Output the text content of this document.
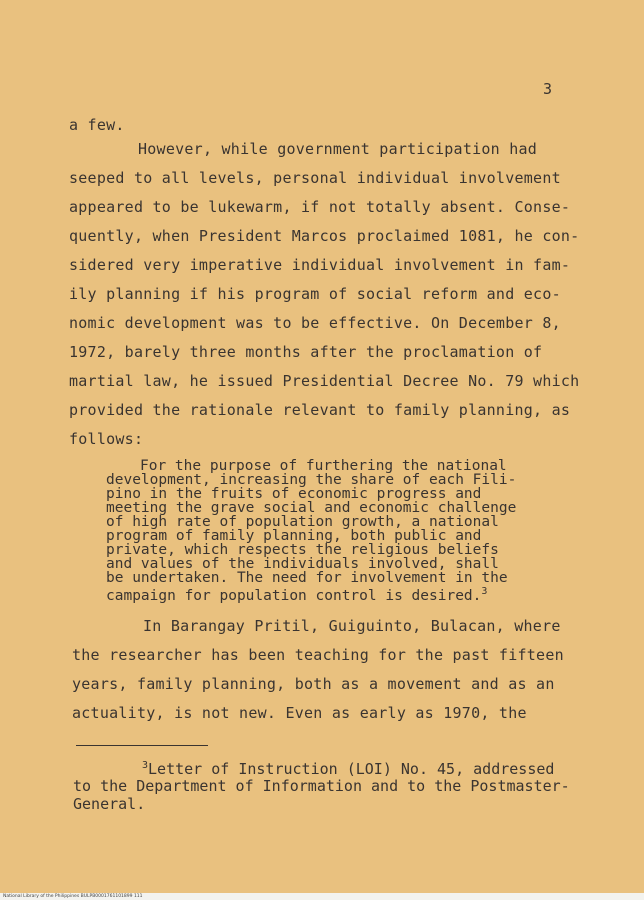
3
a few.
However, while government participation had
seeped to all levels, personal individual involvement
appeared to be lukewarm, if not totally absent. Conse-
quently, when President Marcos proclaimed 1081, he con-
sidered very imperative individual involvement in fam-
ily planning if his program of social reform and eco-
nomic development was to be effective. On December 8,
1972, barely three months after the proclamation of
martial law, he issued Presidential Decree No. 79 which
provided the rationale relevant to family planning, as
follows:
For the purpose of furthering the national
development, increasing the share of each Fili-
pino in the fruits of economic progress and
meeting the grave social and economic challenge
of high rate of population growth, a national
program of family planning, both public and
private, which respects the religious beliefs
and values of the individuals involved, shall
be undertaken. The need for involvement in the
campaign for population control is desired.$^3$
In Barangay Pritil, Guiguinto, Bulacan, where
the researcher has been teaching for the past fifteen
years, family planning, both as a movement and as an
actuality, is not new. Even as early as 1970, the
$^3$Letter of Instruction (LOI) No. 45, addressed
to the Department of Information and to the Postmaster-
General.
National Library of the Philippines BULPB0001761101899 111
